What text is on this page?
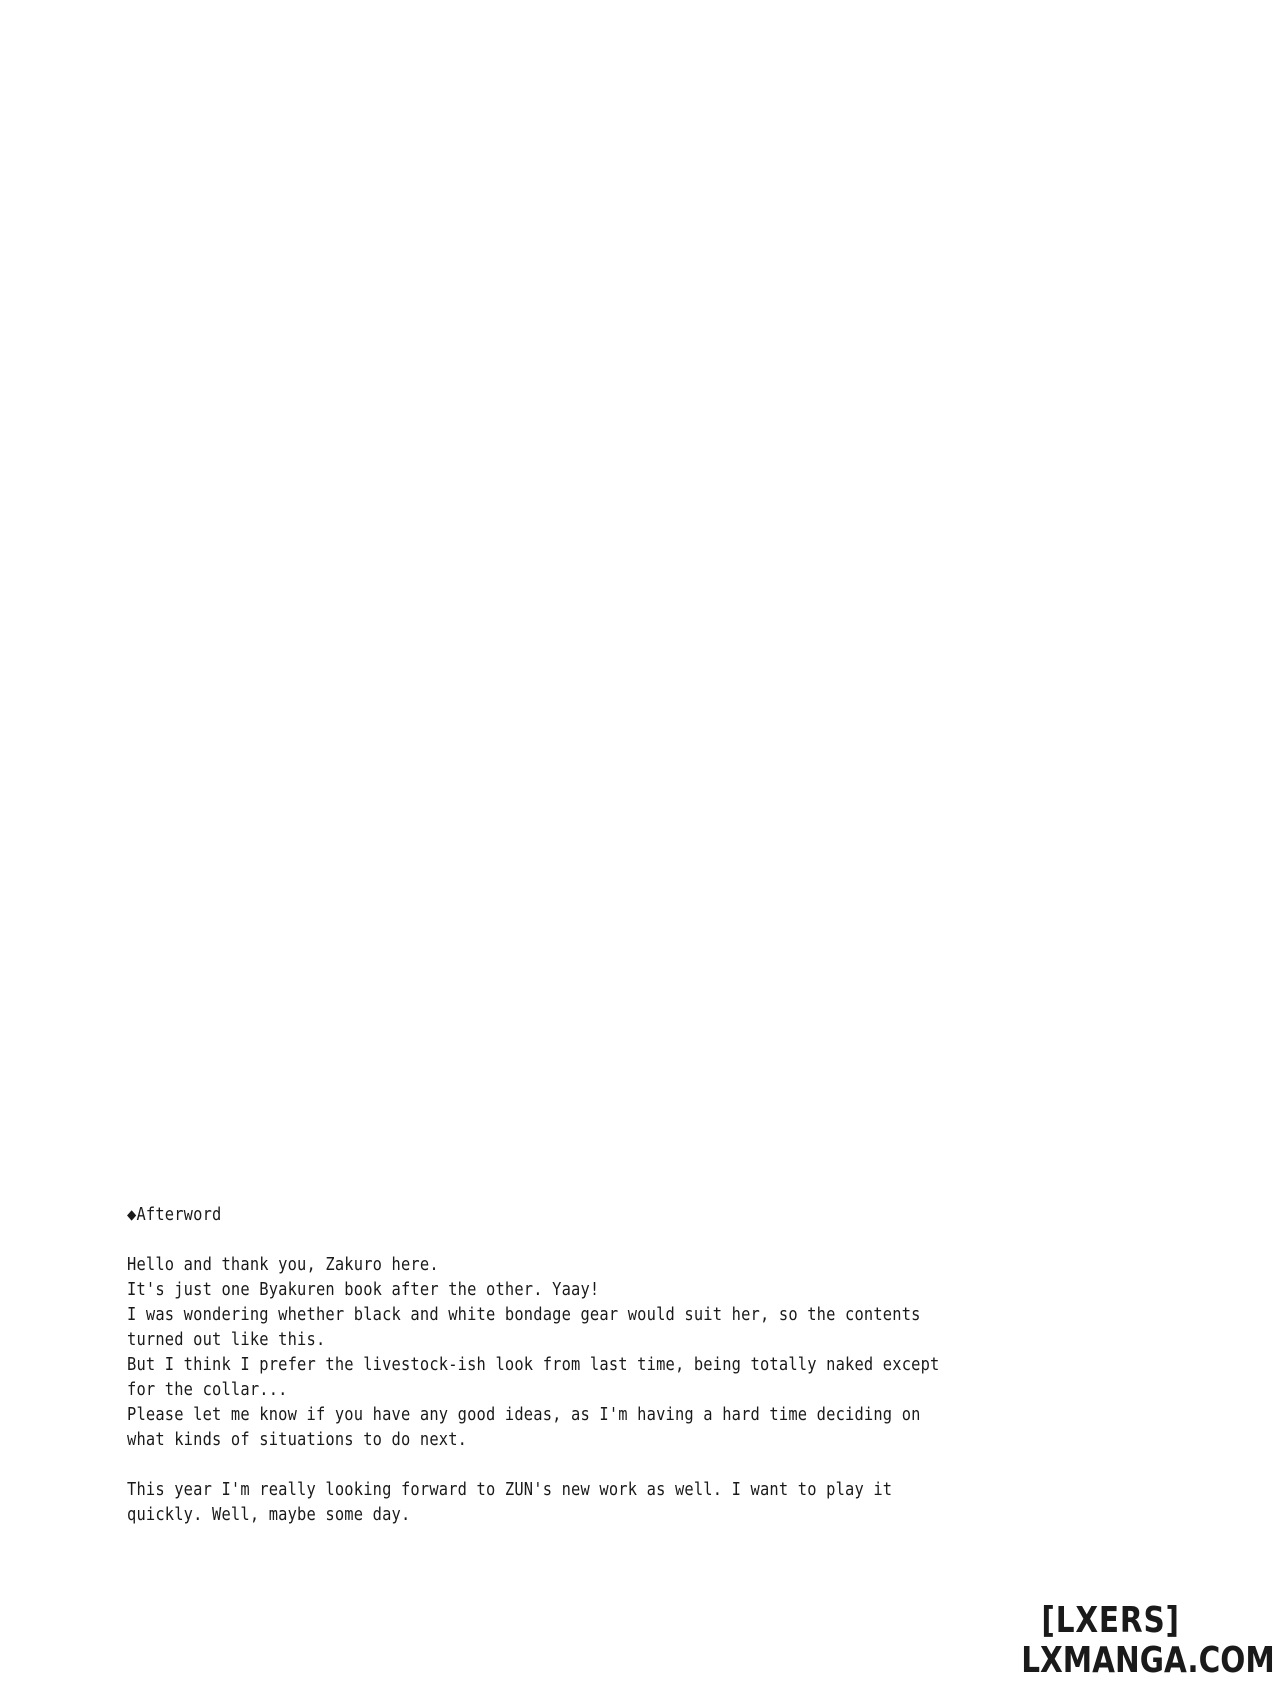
◆Afterword
Hello and thank you, Zakuro here.
It's just one Byakuren book after the other. Yaay!
I was wondering whether black and white bondage gear would suit her, so the contents turned out like this.
But I think I prefer the livestock-ish look from last time, being totally naked except for the collar...
Please let me know if you have any good ideas, as I'm having a hard time deciding on what kinds of situations to do next.
This year I'm really looking forward to ZUN's new work as well. I want to play it quickly. Well, maybe some day.
[LXERS]
LXMANGA.COM
